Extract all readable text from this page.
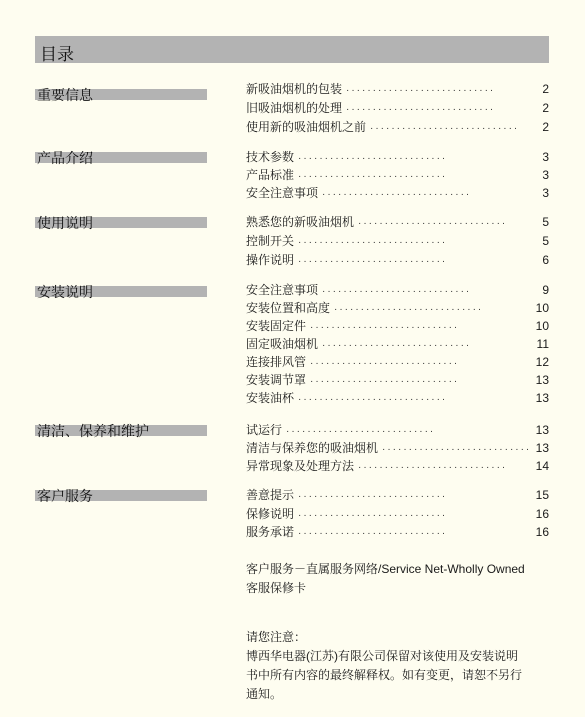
目录
重要信息	新吸油烟机的包装 ····························	2
旧吸油烟机的处理 ····························	2
使用新的吸油烟机之前 ····························	2
产品介绍	技术参数 ····························	3
产品标准 ····························	3
安全注意事项 ····························	3
使用说明	熟悉您的新吸油烟机 ····························	5
控制开关 ····························	5
操作说明 ····························	6
安装说明	安全注意事项 ····························	9
安装位置和高度 ····························	10
安装固定件 ····························	10
固定吸油烟机 ····························	11
连接排风管 ····························	12
安装调节罩 ····························	13
安装油杯 ····························	13
清洁、保养和维护	试运行 ····························	13
清洁与保养您的吸油烟机 ···························· 13
异常现象及处理方法 ····························	14
客户服务	善意提示 ····························	15
保修说明 ····························	16
服务承诺 ····························	16
客户服务－直属服务网络/Service Net-Wholly Owned
客服保修卡
请您注意：
博西华电器(江苏)有限公司保留对该使用及安装说明
书中所有内容的最终解释权。如有变更，请恕不另行
通知。
